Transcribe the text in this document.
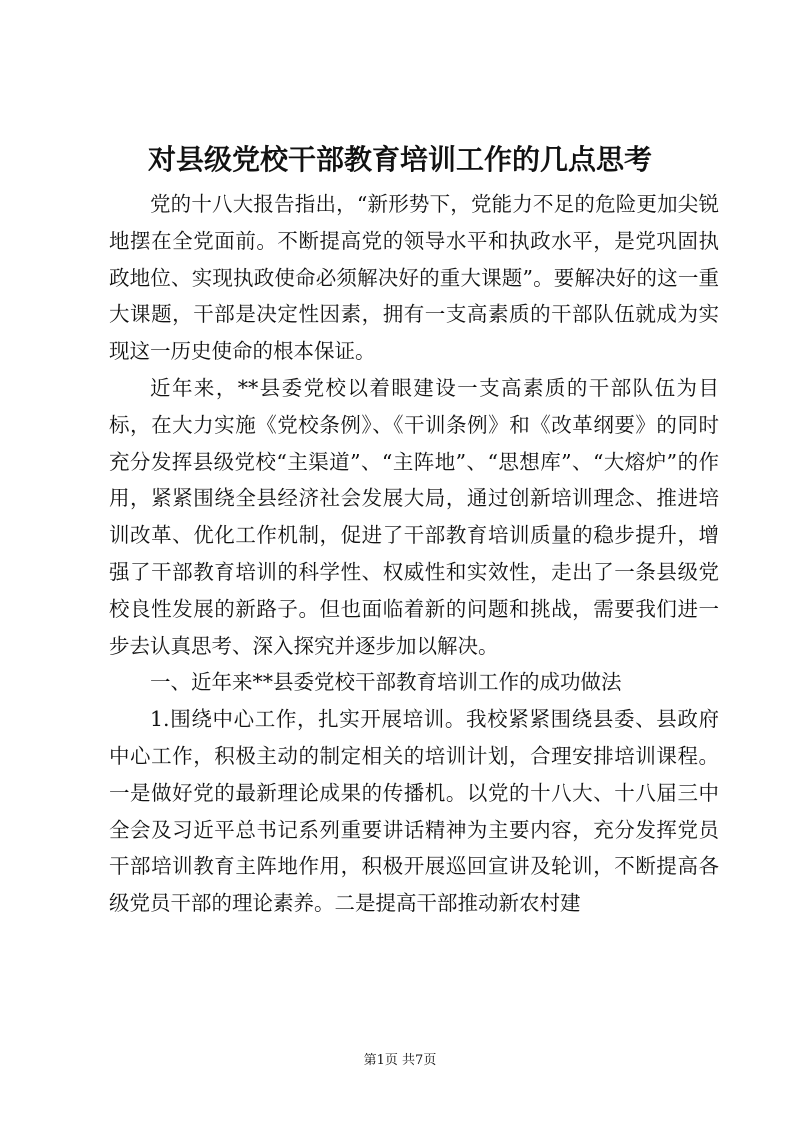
对县级党校干部教育培训工作的几点思考

党的十八大报告指出，“新形势下，党能力不足的危险更加尖锐地摆在全党面前。不断提高党的领导水平和执政水平，是党巩固执政地位、实现执政使命必须解决好的重大课题”。要解决好的这一重大课题，干部是决定性因素，拥有一支高素质的干部队伍就成为实现这一历史使命的根本保证。

近年来，**县委党校以着眼建设一支高素质的干部队伍为目标，在大力实施《党校条例》、《干训条例》和《改革纲要》的同时充分发挥县级党校“主渠道”、“主阵地”、“思想库”、“大熔炉”的作用，紧紧围绕全县经济社会发展大局，通过创新培训理念、推进培训改革、优化工作机制，促进了干部教育培训质量的稳步提升，增强了干部教育培训的科学性、权威性和实效性，走出了一条县级党校良性发展的新路子。但也面临着新的问题和挑战，需要我们进一步去认真思考、深入探究并逐步加以解决。

一、近年来**县委党校干部教育培训工作的成功做法

1.围绕中心工作，扎实开展培训。我校紧紧围绕县委、县政府中心工作，积极主动的制定相关的培训计划，合理安排培训课程。一是做好党的最新理论成果的传播机。以党的十八大、十八届三中全会及习近平总书记系列重要讲话精神为主要内容，充分发挥党员干部培训教育主阵地作用，积极开展巡回宣讲及轮训，不断提高各级党员干部的理论素养。二是提高干部推动新农村建

第1页 共7页
